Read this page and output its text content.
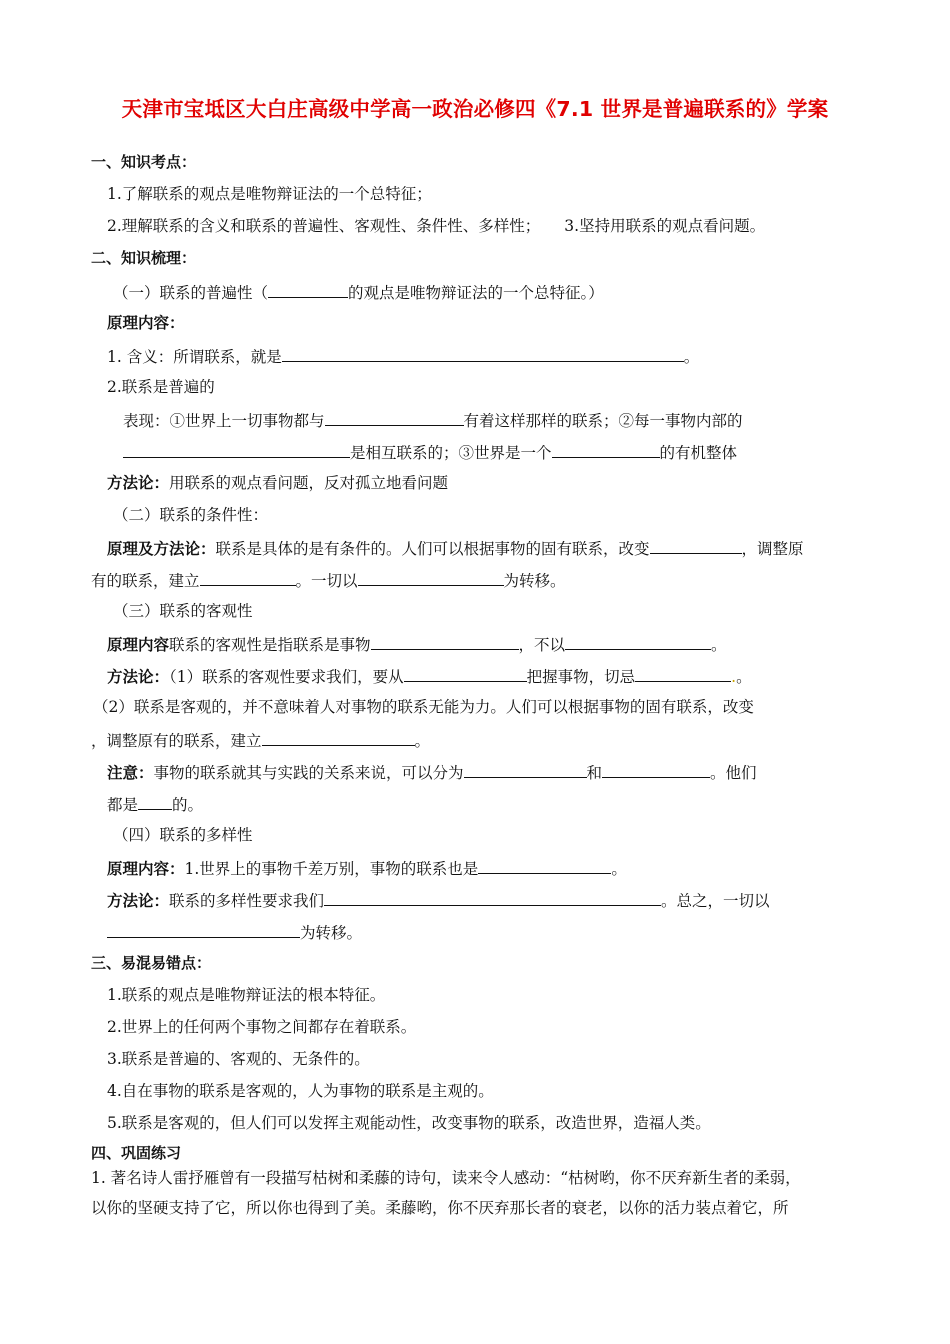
天津市宝坻区大白庄高级中学高一政治必修四《7.1 世界是普遍联系的》学案
一、知识考点：
1.了解联系的观点是唯物辩证法的一个总特征；
2.理解联系的含义和联系的普遍性、客观性、条件性、多样性； 3.坚持用联系的观点看问题。
二、知识梳理：
（一）联系的普遍性（	的观点是唯物辩证法的一个总特征。）
原理内容：
1. 含义：所谓联系，就是	。
2.联系是普遍的
表现：①世界上一切事物都与	有着这样那样的联系；②每一事物内部的
是相互联系的；③世界是一个	的有机整体
方法论：用联系的观点看问题，反对孤立地看问题
（二）联系的条件性：
原理及方法论：联系是具体的是有条件的。人们可以根据事物的固有联系，改变	，调整原
有的联系，建立	。一切以	为转移。
（三）联系的客观性
原理内容联系的客观性是指联系是事物	，不以	。
方法论：（1）联系的客观性要求我们，要从	把握事物，切忌	.。
（2）联系是客观的，并不意味着人对事物的联系无能为力。人们可以根据事物的固有联系，改变
，调整原有的联系，建立	。
注意：事物的联系就其与实践的关系来说，可以分为	和	。他们
都是 的。
（四）联系的多样性
原理内容：1.世界上的事物千差万别，事物的联系也是	。
方法论：联系的多样性要求我们	。总之，一切以
为转移。
三、易混易错点：
1.联系的观点是唯物辩证法的根本特征。
2.世界上的任何两个事物之间都存在着联系。
3.联系是普遍的、客观的、无条件的。
4.自在事物的联系是客观的，人为事物的联系是主观的。
5.联系是客观的，但人们可以发挥主观能动性，改变事物的联系，改造世界，造福人类。
四、巩固练习
1. 著名诗人雷抒雁曾有一段描写枯树和柔藤的诗句，读来令人感动：“枯树哟，你不厌弃新生者的柔弱，
以你的坚硬支持了它，所以你也得到了美。柔藤哟，你不厌弃那长者的衰老，以你的活力装点着它，所
